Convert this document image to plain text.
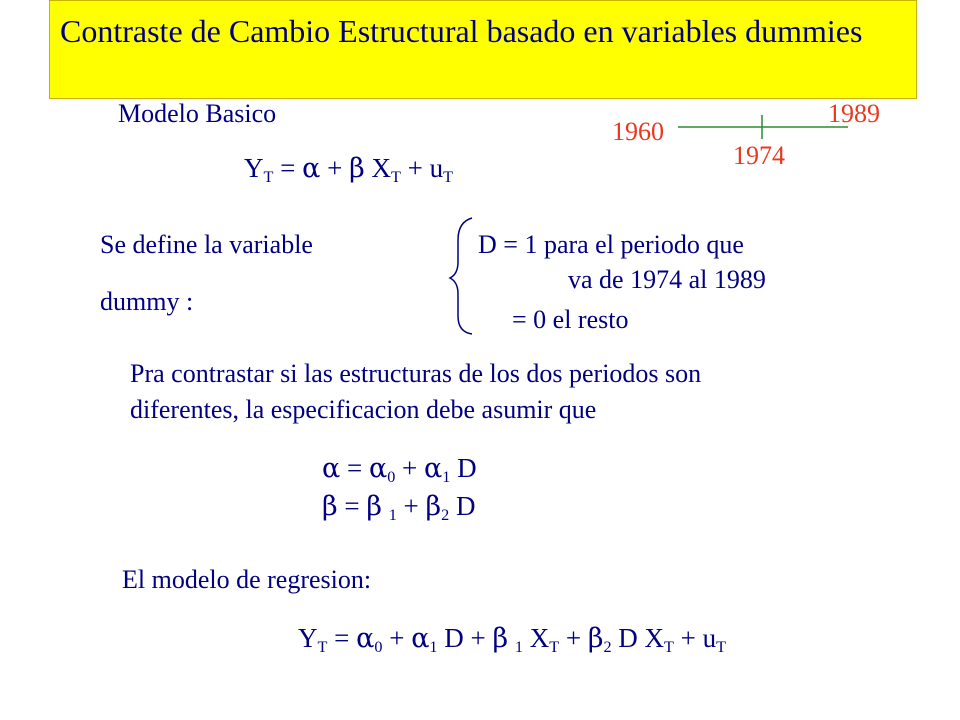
Contraste de Cambio Estructural basado en variables dummies
Modelo Basico
1960
1989
1974
$Y_T = \alpha + \beta$ $X_T + u_T$
Se define la variable
dummy :
D = 1 para el periodo que
va de 1974 al 1989
= 0 el resto
Pra contrastar si las estructuras de los dos periodos son
diferentes, la especificacion debe asumir que
$\alpha = \alpha_0 + \alpha_1$ D
β = β $_1 + \beta_2$ D
El modelo de regresion:
$Y_T = \alpha_0 + \alpha_1$ D + β $_1$ $X_T + \beta_2$ D $X_T + u_T$
